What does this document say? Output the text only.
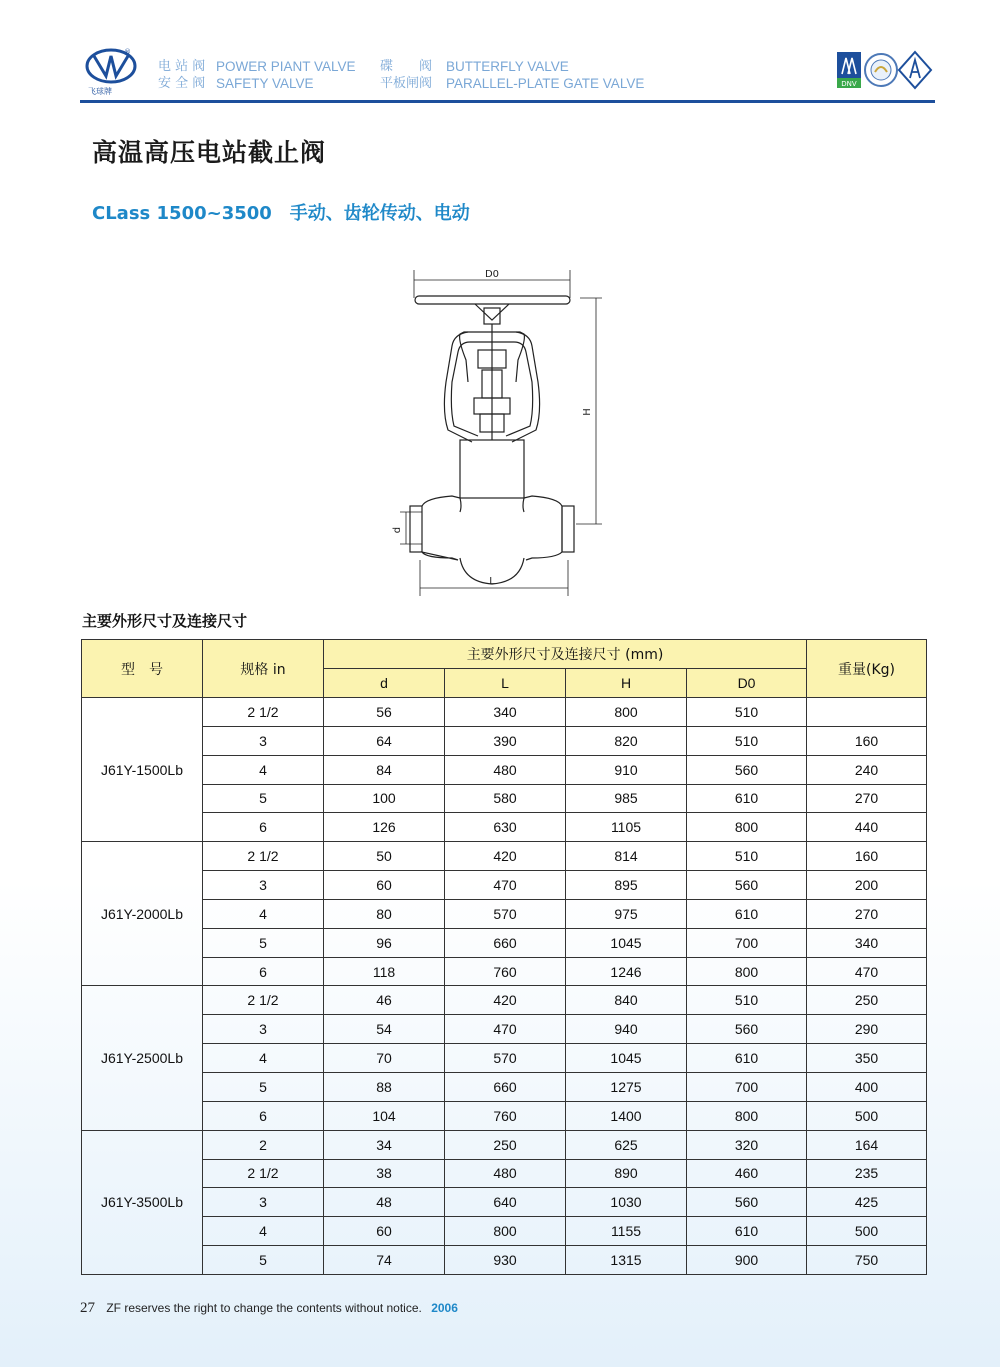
®
飞球牌
电 站 阀
安 全 阀
POWER PIANT VALVE
SAFETY VALVE
碟　　阀
平板闸阀
BUTTERFLY VALVE
PARALLEL-PLATE GATE VALVE	DNV
高温高压电站截止阀
CLass 1500~3500　手动、齿轮传动、电动
D0
H
d
L
主要外形尺寸及连接尺寸
型　号	规格 in	主要外形尺寸及连接尺寸 (mm)				重量(Kg)
		d	L	H	D0	
J61Y-1500Lb	2 1/2	56	340	800	510	
	3	64	390	820	510	160
	4	84	480	910	560	240
	5	100	580	985	610	270
	6	126	630	1105	800	440
J61Y-2000Lb	2 1/2	50	420	814	510	160
	3	60	470	895	560	200
	4	80	570	975	610	270
	5	96	660	1045	700	340
	6	118	760	1246	800	470
J61Y-2500Lb	2 1/2	46	420	840	510	250
	3	54	470	940	560	290
	4	70	570	1045	610	350
	5	88	660	1275	700	400
	6	104	760	1400	800	500
J61Y-3500Lb	2	34	250	625	320	164
	2 1/2	38	480	890	460	235
	3	48	640	1030	560	425
	4	60	800	1155	610	500
	5	74	930	1315	900	750
27 ZF reserves the right to change the contents without notice. 2006
